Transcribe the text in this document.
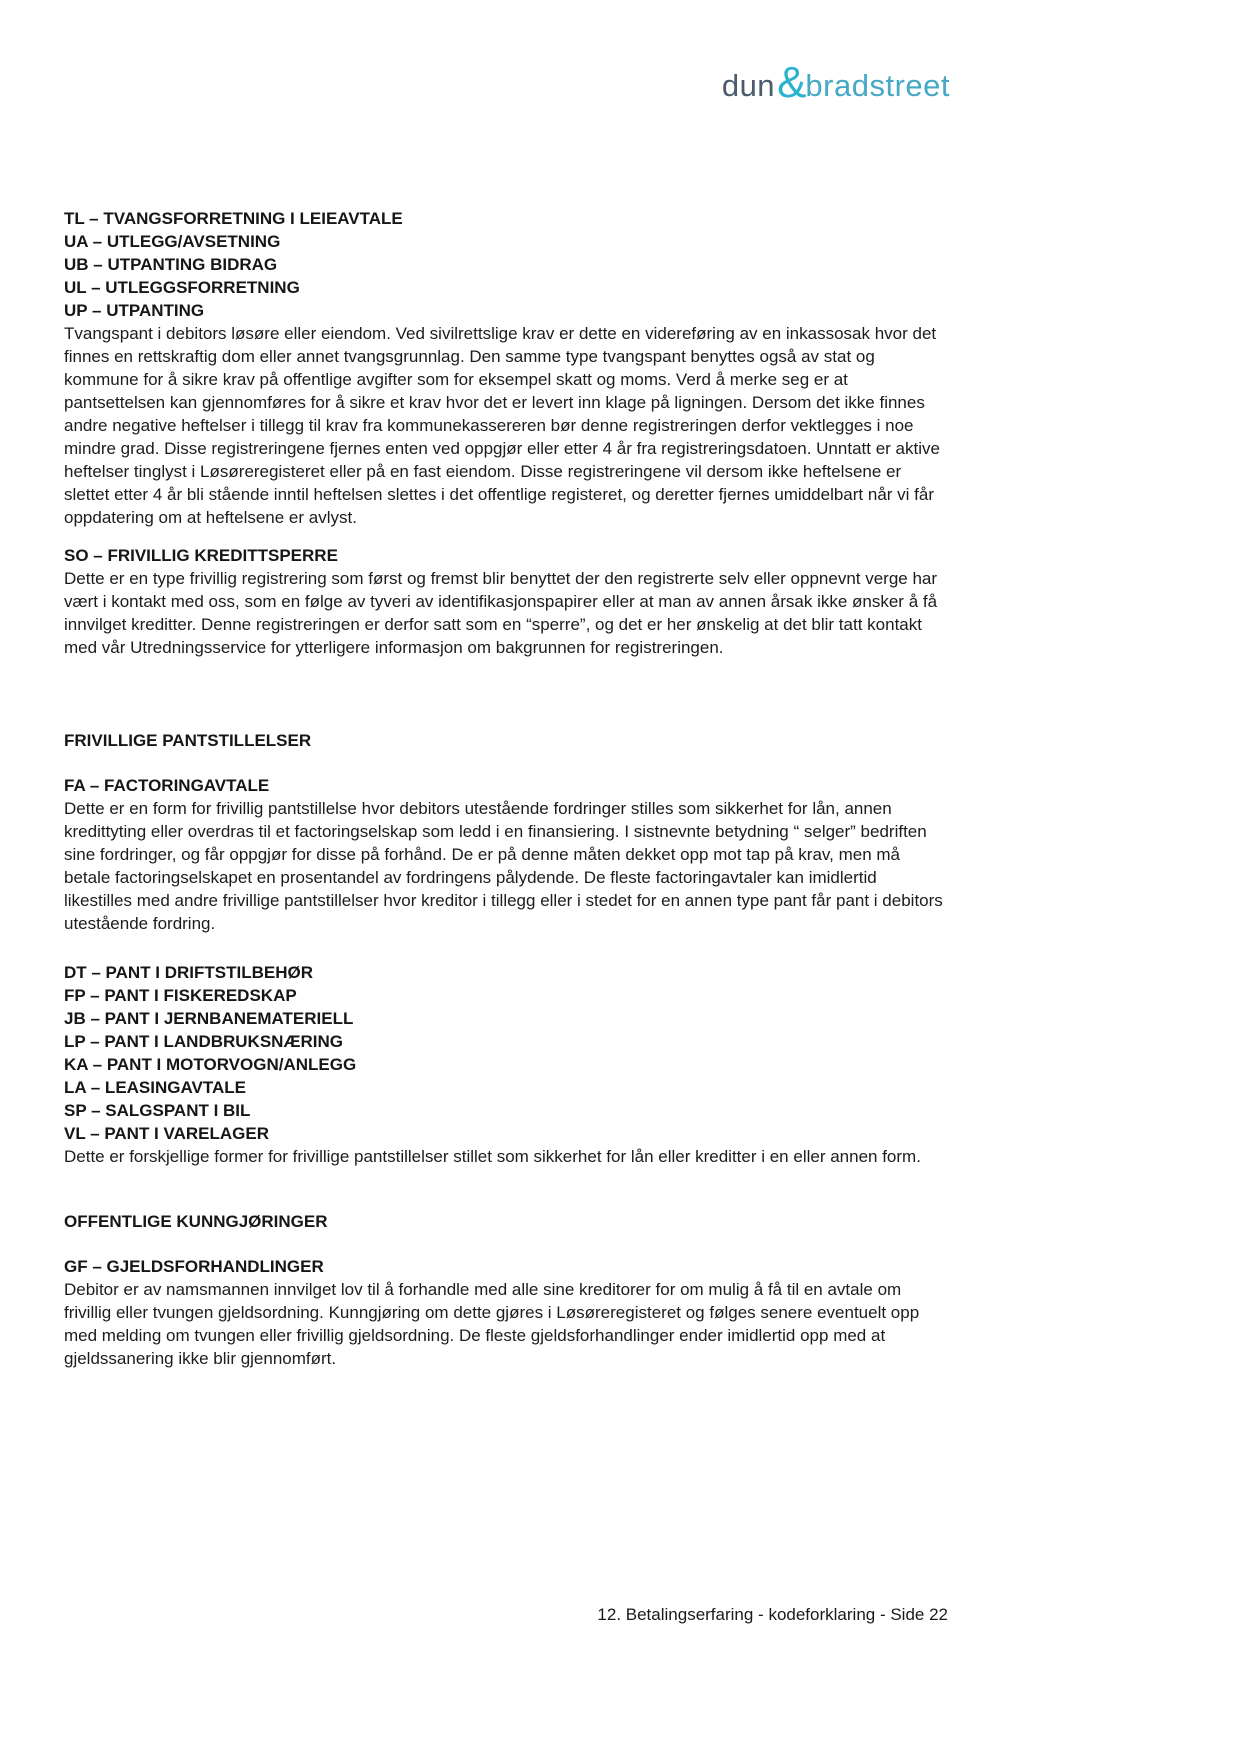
dun & bradstreet
TL – TVANGSFORRETNING I LEIEAVTALE
UA – UTLEGG/AVSETNING
UB – UTPANTING BIDRAG
UL – UTLEGGSFORRETNING
UP – UTPANTING
Tvangspant i debitors løsøre eller eiendom. Ved sivilrettslige krav er dette en videreføring av en inkassosak hvor det finnes en rettskraftig dom eller annet tvangsgrunnlag. Den samme type tvangspant benyttes også av stat og kommune for å sikre krav på offentlige avgifter som for eksempel skatt og moms. Verd å merke seg er at pantsettelsen kan gjennomføres for å sikre et krav hvor det er levert inn klage på ligningen. Dersom det ikke finnes andre negative heftelser i tillegg til krav fra kommunekassereren bør denne registreringen derfor vektlegges i noe mindre grad. Disse registreringene fjernes enten ved oppgjør eller etter 4 år fra registreringsdatoen. Unntatt er aktive heftelser tinglyst i Løsøreregisteret eller på en fast eiendom. Disse registreringene vil dersom ikke heftelsene er slettet etter 4 år bli stående inntil heftelsen slettes i det offentlige registeret, og deretter fjernes umiddelbart når vi får oppdatering om at heftelsene er avlyst.
SO – FRIVILLIG KREDITTSPERRE
Dette er en type frivillig registrering som først og fremst blir benyttet der den registrerte selv eller oppnevnt verge har vært i kontakt med oss, som en følge av tyveri av identifikasjonspapirer eller at man av annen årsak ikke ønsker å få innvilget kreditter. Denne registreringen er derfor satt som en “sperre”, og det er her ønskelig at det blir tatt kontakt med vår Utredningsservice for ytterligere informasjon om bakgrunnen for registreringen.
FRIVILLIGE PANTSTILLELSER
FA – FACTORINGAVTALE
Dette er en form for frivillig pantstillelse hvor debitors utestående fordringer stilles som sikkerhet for lån, annen kredittyting eller overdras til et factoringselskap som ledd i en finansiering. I sistnevnte betydning “ selger” bedriften sine fordringer, og får oppgjør for disse på forhånd. De er på denne måten dekket opp mot tap på krav, men må betale factoringselskapet en prosentandel av fordringens pålydende. De fleste factoringavtaler kan imidlertid likestilles med andre frivillige pantstillelser hvor kreditor i tillegg eller i stedet for en annen type pant får pant i debitors utestående fordring.
DT – PANT I DRIFTSTILBEHØR
FP – PANT I FISKEREDSKAP
JB – PANT I JERNBANEMATERIELL
LP – PANT I LANDBRUKSNÆRING
KA – PANT I MOTORVOGN/ANLEGG
LA – LEASINGAVTALE
SP – SALGSPANT I BIL
VL – PANT I VARELAGER
Dette er forskjellige former for frivillige pantstillelser stillet som sikkerhet for lån eller kreditter i en eller annen form.
OFFENTLIGE KUNNGJØRINGER
GF – GJELDSFORHANDLINGER
Debitor er av namsmannen innvilget lov til å forhandle med alle sine kreditorer for om mulig å få til en avtale om frivillig eller tvungen gjeldsordning. Kunngjøring om dette gjøres i Løsøreregisteret og følges senere eventuelt opp med melding om tvungen eller frivillig gjeldsordning. De fleste gjeldsforhandlinger ender imidlertid opp med at gjeldssanering ikke blir gjennomført.
12. Betalingserfaring - kodeforklaring - Side 22
